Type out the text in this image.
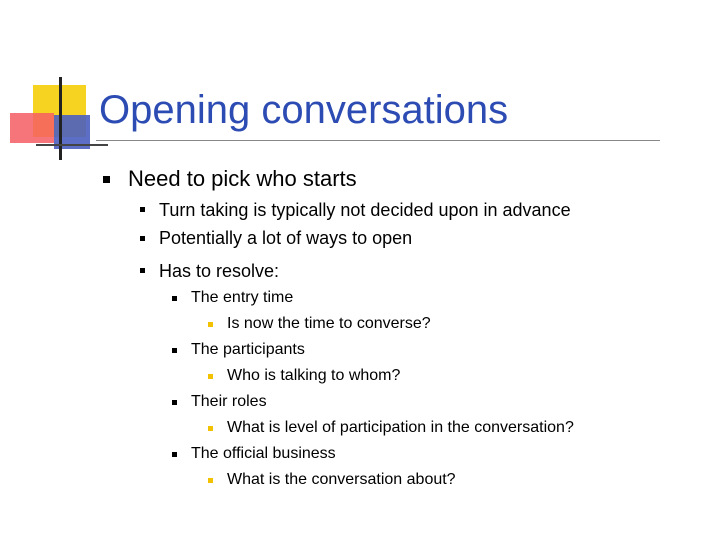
Opening conversations
Need to pick who starts
Turn taking is typically not decided upon in advance
Potentially a lot of ways to open
Has to resolve:
The entry time
Is now the time to converse?
The participants
Who is talking to whom?
Their roles
What is level of participation in the conversation?
The official business
What is the conversation about?
